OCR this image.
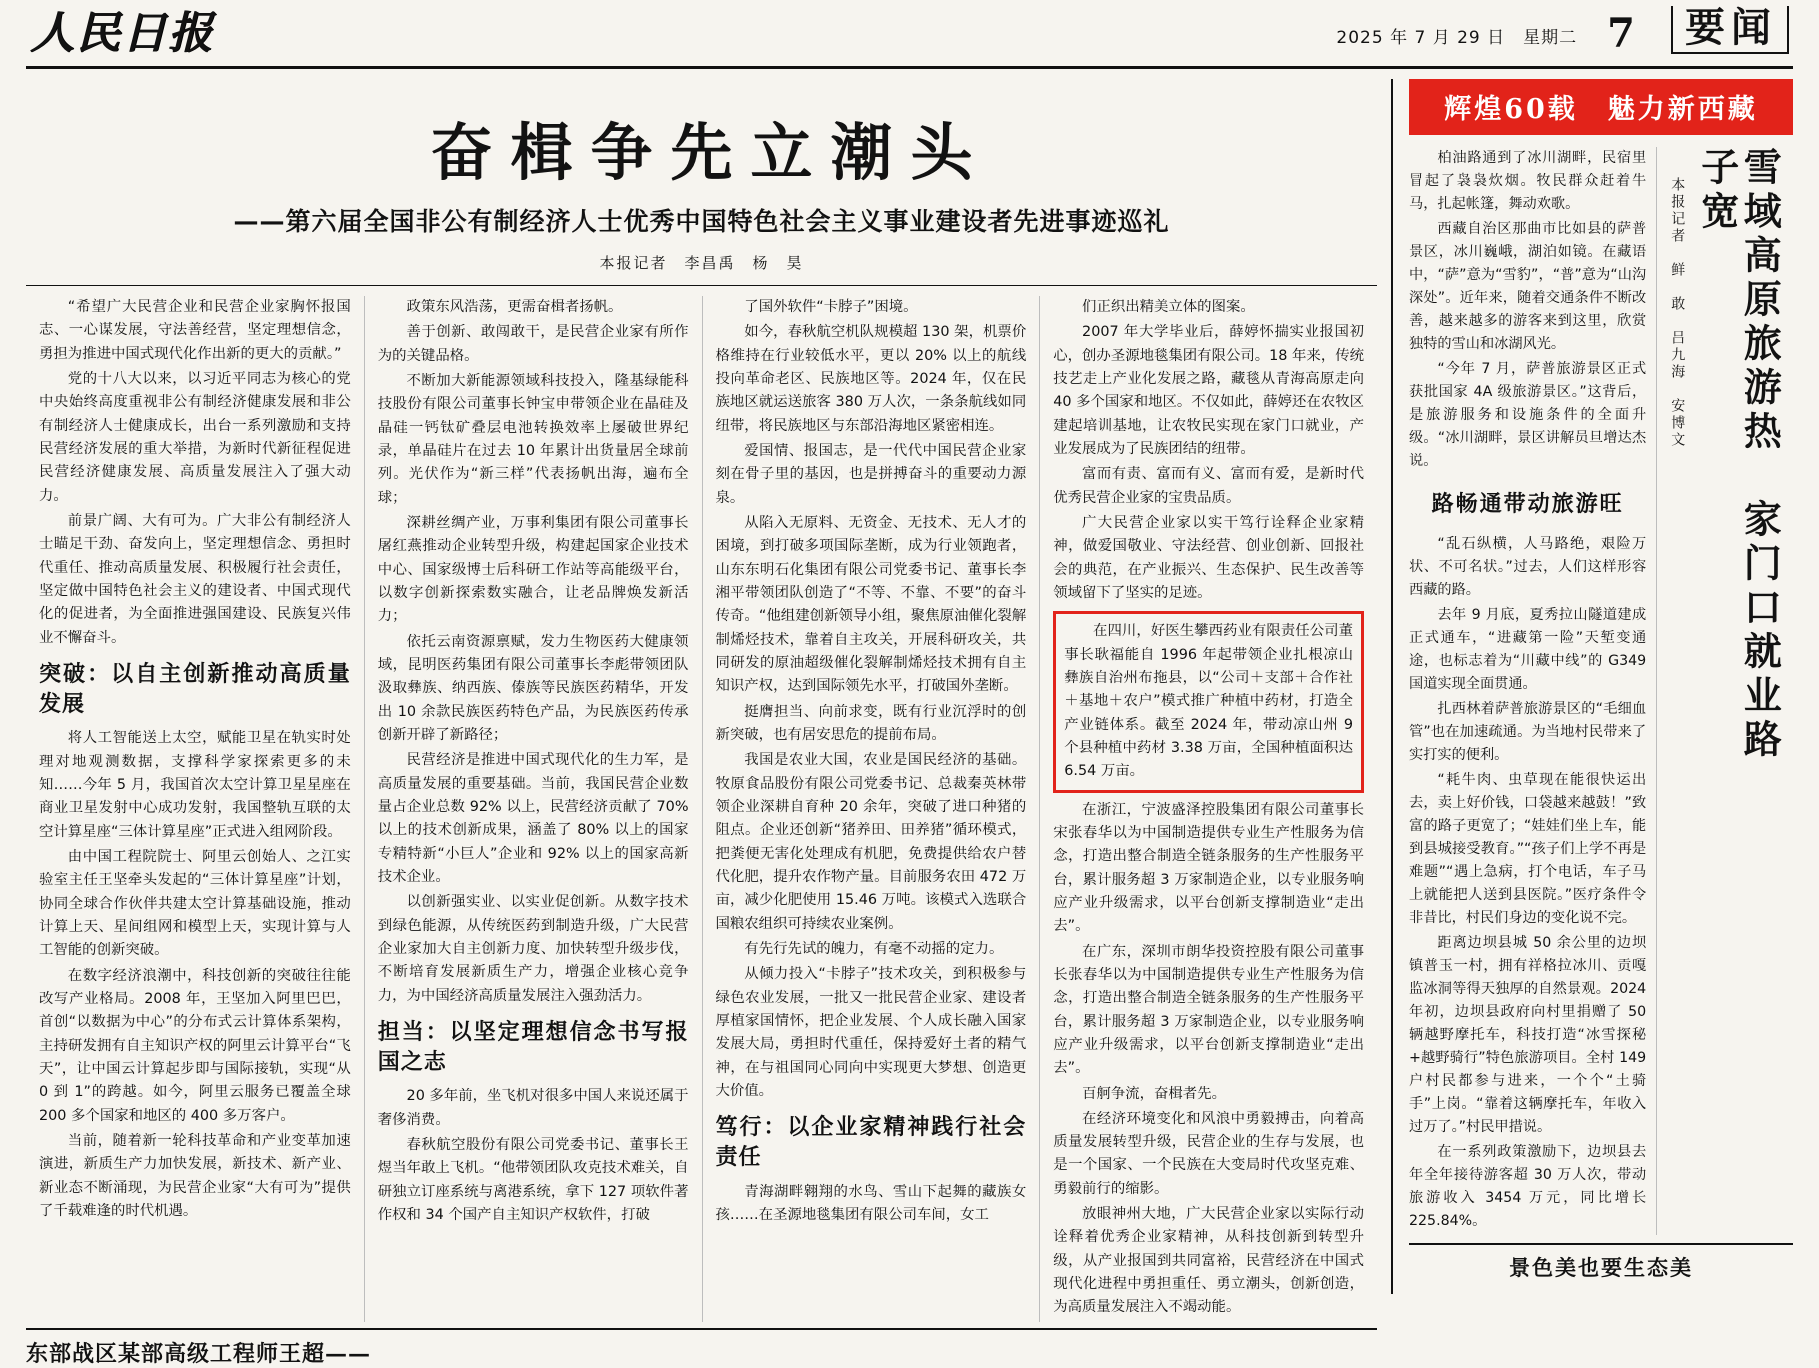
人民日报	2025 年 7 月 29 日　星期二 7	要闻
奋楫争先立潮头
——第六届全国非公有制经济人士优秀中国特色社会主义事业建设者先进事迹巡礼
本报记者　李昌禹　杨　昊

“希望广大民营企业和民营企业家胸怀报国志、一心谋发展，守法善经营，坚定理想信念，勇担为推进中国式现代化作出新的更大的贡献。”

党的十八大以来，以习近平同志为核心的党中央始终高度重视非公有制经济健康发展和非公有制经济人士健康成长，出台一系列激励和支持民营经济发展的重大举措，为新时代新征程促进民营经济健康发展、高质量发展注入了强大动力。

前景广阔、大有可为。广大非公有制经济人士瞄足干劲、奋发向上，坚定理想信念、勇担时代重任、推动高质量发展、积极履行社会责任，坚定做中国特色社会主义的建设者、中国式现代化的促进者，为全面推进强国建设、民族复兴伟业不懈奋斗。

突破：以自主创新推动高质量发展

将人工智能送上太空，赋能卫星在轨实时处理对地观测数据，支撑科学家探索更多的未知……今年 5 月，我国首次太空计算卫星星座在商业卫星发射中心成功发射，我国整轨互联的太空计算星座“三体计算星座”正式进入组网阶段。

由中国工程院院士、阿里云创始人、之江实验室主任王坚牵头发起的“三体计算星座”计划，协同全球合作伙伴共建太空计算基础设施，推动计算上天、星间组网和模型上天，实现计算与人工智能的创新突破。

在数字经济浪潮中，科技创新的突破往往能改写产业格局。2008 年，王坚加入阿里巴巴，首创“以数据为中心”的分布式云计算体系架构，主持研发拥有自主知识产权的阿里云计算平台“飞天”，让中国云计算起步即与国际接轨，实现“从 0 到 1”的跨越。如今，阿里云服务已覆盖全球 200 多个国家和地区的 400 多万客户。

当前，随着新一轮科技革命和产业变革加速演进，新质生产力加快发展，新技术、新产业、新业态不断涌现，为民营企业家“大有可为”提供了千载难逢的时代机遇。

政策东风浩荡，更需奋楫者扬帆。

善于创新、敢闯敢干，是民营企业家有所作为的关键品格。

不断加大新能源领域科技投入，隆基绿能科技股份有限公司董事长钟宝申带领企业在晶硅及晶硅一钙钛矿叠层电池转换效率上屡破世界纪录，单晶硅片在过去 10 年累计出货量居全球前列。光伏作为“新三样”代表扬帆出海，遍布全球；

深耕丝绸产业，万事利集团有限公司董事长屠红燕推动企业转型升级，构建起国家企业技术中心、国家级博士后科研工作站等高能级平台，以数字创新探索数实融合，让老品牌焕发新活力；

依托云南资源禀赋，发力生物医药大健康领域，昆明医药集团有限公司董事长李彪带领团队汲取彝族、纳西族、傣族等民族医药精华，开发出 10 余款民族医药特色产品，为民族医药传承创新开辟了新路径；

民营经济是推进中国式现代化的生力军，是高质量发展的重要基础。当前，我国民营企业数量占企业总数 92% 以上，民营经济贡献了 70% 以上的技术创新成果，涵盖了 80% 以上的国家专精特新“小巨人”企业和 92% 以上的国家高新技术企业。

以创新强实业、以实业促创新。从数字技术到绿色能源，从传统医药到制造升级，广大民营企业家加大自主创新力度、加快转型升级步伐，不断培育发展新质生产力，增强企业核心竞争力，为中国经济高质量发展注入强劲活力。

担当：以坚定理想信念书写报国之志

20 多年前，坐飞机对很多中国人来说还属于奢侈消费。

春秋航空股份有限公司党委书记、董事长王煜当年敢上飞机。“他带领团队攻克技术难关，自研独立订座系统与离港系统，拿下 127 项软件著作权和 34 个国产自主知识产权软件，打破

了国外软件“卡脖子”困境。

如今，春秋航空机队规模超 130 架，机票价格维持在行业较低水平，更以 20% 以上的航线投向革命老区、民族地区等。2024 年，仅在民族地区就运送旅客 380 万人次，一条条航线如同纽带，将民族地区与东部沿海地区紧密相连。

爱国情、报国志，是一代代中国民营企业家刻在骨子里的基因，也是拼搏奋斗的重要动力源泉。

从陷入无原料、无资金、无技术、无人才的困境，到打破多项国际垄断，成为行业领跑者，山东东明石化集团有限公司党委书记、董事长李湘平带领团队创造了“不等、不靠、不要”的奋斗传奇。“他组建创新领导小组，聚焦原油催化裂解制烯烃技术，靠着自主攻关，开展科研攻关，共同研发的原油超级催化裂解制烯烃技术拥有自主知识产权，达到国际领先水平，打破国外垄断。

挺膺担当、向前求变，既有行业沉浮时的创新突破，也有居安思危的提前布局。

我国是农业大国，农业是国民经济的基础。牧原食品股份有限公司党委书记、总裁秦英林带领企业深耕自育种 20 余年，突破了进口种猪的阻点。企业还创新“猪养田、田养猪”循环模式，把粪便无害化处理成有机肥，免费提供给农户替代化肥，提升农作物产量。目前服务农田 472 万亩，减少化肥使用 15.46 万吨。该模式入选联合国粮农组织可持续农业案例。

有先行先试的魄力，有毫不动摇的定力。

从倾力投入“卡脖子”技术攻关，到积极参与绿色农业发展，一批又一批民营企业家、建设者厚植家国情怀，把企业发展、个人成长融入国家发展大局，勇担时代重任，保持爱好土者的精气神，在与祖国同心同向中实现更大梦想、创造更大价值。

笃行：以企业家精神践行社会责任

青海湖畔翱翔的水鸟、雪山下起舞的藏族女孩……在圣源地毯集团有限公司车间，女工

们正织出精美立体的图案。

2007 年大学毕业后，薛婷怀揣实业报国初心，创办圣源地毯集团有限公司。18 年来，传统技艺走上产业化发展之路，藏毯从青海高原走向 40 多个国家和地区。不仅如此，薛婷还在农牧区建起培训基地，让农牧民实现在家门口就业，产业发展成为了民族团结的纽带。

富而有责、富而有义、富而有爱，是新时代优秀民营企业家的宝贵品质。

广大民营企业家以实干笃行诠释企业家精神，做爱国敬业、守法经营、创业创新、回报社会的典范，在产业振兴、生态保护、民生改善等领域留下了坚实的足迹。

在四川，好医生攀西药业有限责任公司董事长耿福能自 1996 年起带领企业扎根凉山彝族自治州布拖县，以“公司＋支部＋合作社＋基地＋农户”模式推广种植中药材，打造全产业链体系。截至 2024 年，带动凉山州 9 个县种植中药材 3.38 万亩，全国种植面积达 6.54 万亩。

在浙江，宁波盛泽控股集团有限公司董事长宋张春华以为中国制造提供专业生产性服务为信念，打造出整合制造全链条服务的生产性服务平台，累计服务超 3 万家制造企业，以专业服务响应产业升级需求，以平台创新支撑制造业“走出去”。

在广东，深圳市朗华投资控股有限公司董事长张春华以为中国制造提供专业生产性服务为信念，打造出整合制造全链条服务的生产性服务平台，累计服务超 3 万家制造企业，以专业服务响应产业升级需求，以平台创新支撑制造业“走出去”。

百舸争流，奋楫者先。

在经济环境变化和风浪中勇毅搏击，向着高质量发展转型升级，民营企业的生存与发展，也是一个国家、一个民族在大变局时代攻坚克难、勇毅前行的缩影。

放眼神州大地，广大民营企业家以实际行动诠释着优秀企业家精神，从科技创新到转型升级，从产业报国到共同富裕，民营经济在中国式现代化进程中勇担重任、勇立潮头，创新创造，为高质量发展注入不竭动能。

东部战区某部高级工程师王超——
辉煌60载　魅力新西藏

柏油路通到了冰川湖畔，民宿里冒起了袅袅炊烟。牧民群众赶着牛马，扎起帐篷，舞动欢歌。

西藏自治区那曲市比如县的萨普景区，冰川巍峨，湖泊如镜。在藏语中，“萨”意为“雪豹”，“普”意为“山沟深处”。近年来，随着交通条件不断改善，越来越多的游客来到这里，欣赏独特的雪山和冰湖风光。

“今年 7 月，萨普旅游景区正式获批国家 4A 级旅游景区。”这背后，是旅游服务和设施条件的全面升级。“冰川湖畔，景区讲解员旦增达杰说。

路畅通带动旅游旺

“乱石纵横，人马路绝，艰险万状、不可名状。”过去，人们这样形容西藏的路。

去年 9 月底，夏秀拉山隧道建成正式通车，“进藏第一险”天堑变通途，也标志着为“川藏中线”的 G349 国道实现全面贯通。

扎西林着萨普旅游景区的“毛细血管”也在加速疏通。为当地村民带来了实打实的便利。

“耗牛肉、虫草现在能很快运出去，卖上好价钱，口袋越来越鼓！”致富的路子更宽了；“娃娃们坐上车，能到县城接受教育。”“孩子们上学不再是难题”“遇上急病，打个电话，车子马上就能把人送到县医院。”医疗条件令非昔比，村民们身边的变化说不完。

距离边坝县城 50 余公里的边坝镇普玉一村，拥有祥格拉冰川、贡嘎监冰洞等得天独厚的自然景观。2024 年初，边坝县政府向村里捐赠了 50 辆越野摩托车，科技打造“冰雪探秘+越野骑行”特色旅游项目。全村 149 户村民都参与进来，一个个“土骑手”上岗。“靠着这辆摩托车，年收入过万了。”村民甲措说。

在一系列政策激励下，边坝县去年全年接待游客超 30 万人次，带动旅游收入 3454 万元，同比增长 225.84%。

本报记者　鲜　敢　吕九海　安博文	雪域高原旅游热　家门口就业路子宽
景色美也要生态美
